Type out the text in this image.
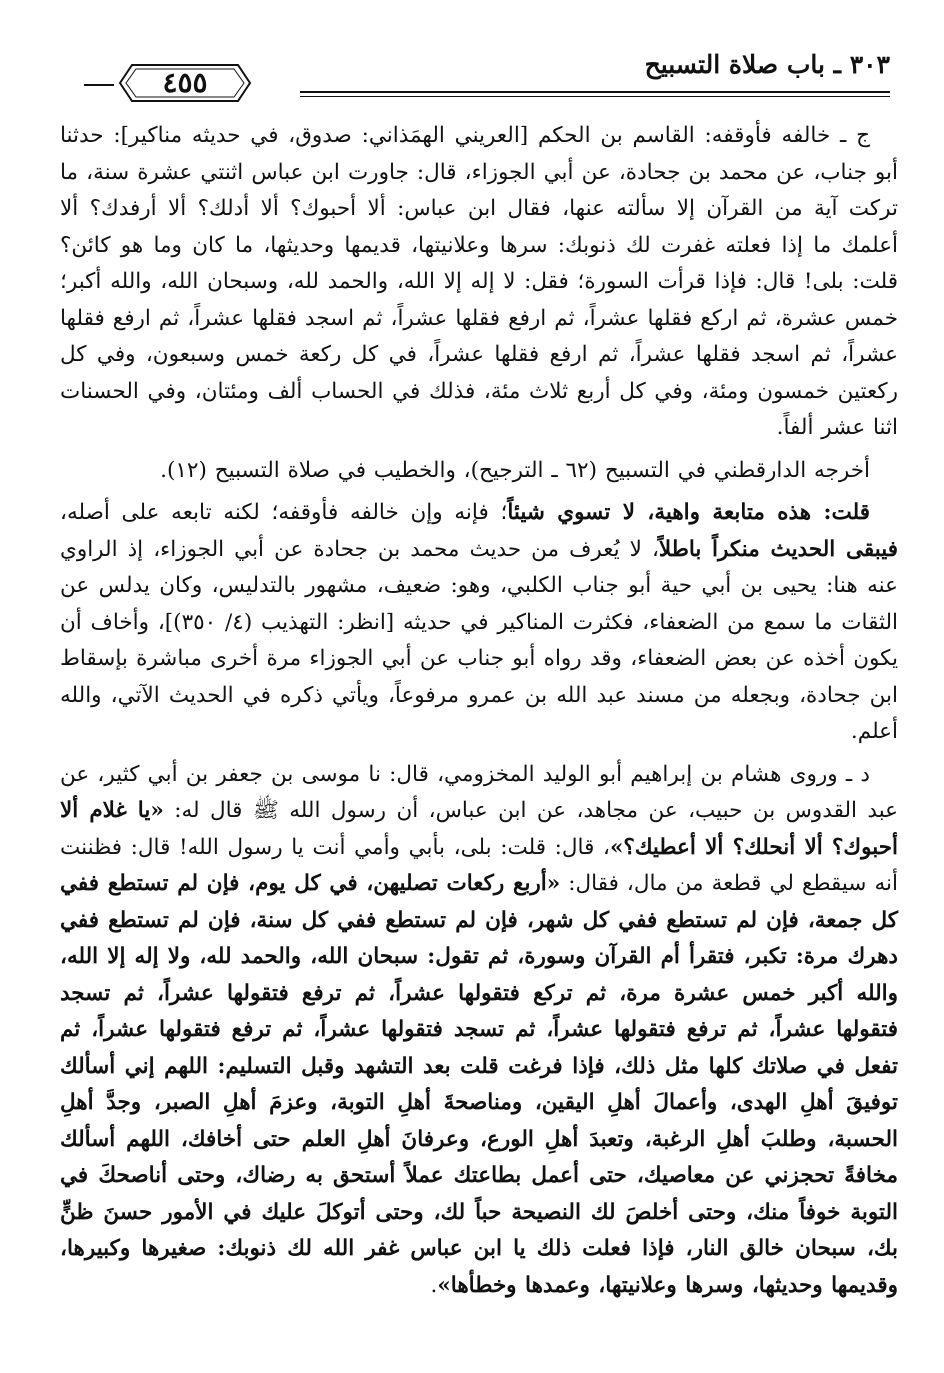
٣٠٣ ـ باب صلاة التسبيح
٤٥٥

ج ـ خالفه فأوقفه: القاسم بن الحكم [العريني الهمَذاني: صدوق، في حديثه مناكير]: حدثنا أبو جناب، عن محمد بن جحادة، عن أبي الجوزاء، قال: جاورت ابن عباس اثنتي عشرة سنة، ما تركت آية من القرآن إلا سألته عنها، فقال ابن عباس: ألا أحبوك؟ ألا أدلك؟ ألا أرفدك؟ ألا أعلمك ما إذا فعلته غفرت لك ذنوبك: سرها وعلانيتها، قديمها وحديثها، ما كان وما هو كائن؟ قلت: بلى! قال: فإذا قرأت السورة؛ فقل: لا إله إلا الله، والحمد لله، وسبحان الله، والله أكبر؛ خمس عشرة، ثم اركع فقلها عشراً، ثم ارفع فقلها عشراً، ثم اسجد فقلها عشراً، ثم ارفع فقلها عشراً، ثم اسجد فقلها عشراً، ثم ارفع فقلها عشراً، في كل ركعة خمس وسبعون، وفي كل ركعتين خمسون ومئة، وفي كل أربع ثلاث مئة، فذلك في الحساب ألف ومئتان، وفي الحسنات اثنا عشر ألفاً.

أخرجه الدارقطني في التسبيح (٦٢ ـ الترجيح)، والخطيب في صلاة التسبيح (١٢).

قلت: هذه متابعة واهية، لا تسوي شيئاً؛ فإنه وإن خالفه فأوقفه؛ لكنه تابعه على أصله، فيبقى الحديث منكراً باطلاً، لا يُعرف من حديث محمد بن جحادة عن أبي الجوزاء، إذ الراوي عنه هنا: يحيى بن أبي حية أبو جناب الكلبي، وهو: ضعيف، مشهور بالتدليس، وكان يدلس عن الثقات ما سمع من الضعفاء، فكثرت المناكير في حديثه [انظر: التهذيب (٤/ ٣٥٠)]، وأخاف أن يكون أخذه عن بعض الضعفاء، وقد رواه أبو جناب عن أبي الجوزاء مرة أخرى مباشرة بإسقاط ابن جحادة، وبجعله من مسند عبد الله بن عمرو مرفوعاً، ويأتي ذكره في الحديث الآتي، والله أعلم.

د ـ وروى هشام بن إبراهيم أبو الوليد المخزومي، قال: نا موسى بن جعفر بن أبي كثير، عن عبد القدوس بن حبيب، عن مجاهد، عن ابن عباس، أن رسول الله ﷺ قال له: «يا غلام ألا أحبوك؟ ألا أنحلك؟ ألا أعطيك؟»، قال: قلت: بلى، بأبي وأمي أنت يا رسول الله! قال: فظننت أنه سيقطع لي قطعة من مال، فقال: «أربع ركعات تصليهن، في كل يوم، فإن لم تستطع ففي كل جمعة، فإن لم تستطع ففي كل شهر، فإن لم تستطع ففي كل سنة، فإن لم تستطع ففي دهرك مرة: تكبر، فتقرأ أم القرآن وسورة، ثم تقول: سبحان الله، والحمد لله، ولا إله إلا الله، والله أكبر خمس عشرة مرة، ثم تركع فتقولها عشراً، ثم ترفع فتقولها عشراً، ثم تسجد فتقولها عشراً، ثم ترفع فتقولها عشراً، ثم تسجد فتقولها عشراً، ثم ترفع فتقولها عشراً، ثم تفعل في صلاتك كلها مثل ذلك، فإذا فرغت قلت بعد التشهد وقبل التسليم: اللهم إني أسألك توفيقَ أهلِ الهدى، وأعمالَ أهلِ اليقين، ومناصحةَ أهلِ التوبة، وعزمَ أهلِ الصبر، وجدَّ أهلِ الحسبة، وطلبَ أهلِ الرغبة، وتعبدَ أهلِ الورع، وعرفانَ أهلِ العلم حتى أخافك، اللهم أسألك مخافةً تحجزني عن معاصيك، حتى أعمل بطاعتك عملاً أستحق به رضاك، وحتى أناصحكَ في التوبة خوفاً منك، وحتى أخلصَ لك النصيحة حباً لك، وحتى أتوكلَ عليك في الأمور حسنَ ظنٍّ بك، سبحان خالق النار، فإذا فعلت ذلك يا ابن عباس غفر الله لك ذنوبك: صغيرها وكبيرها، وقديمها وحديثها، وسرها وعلانيتها، وعمدها وخطأها».
